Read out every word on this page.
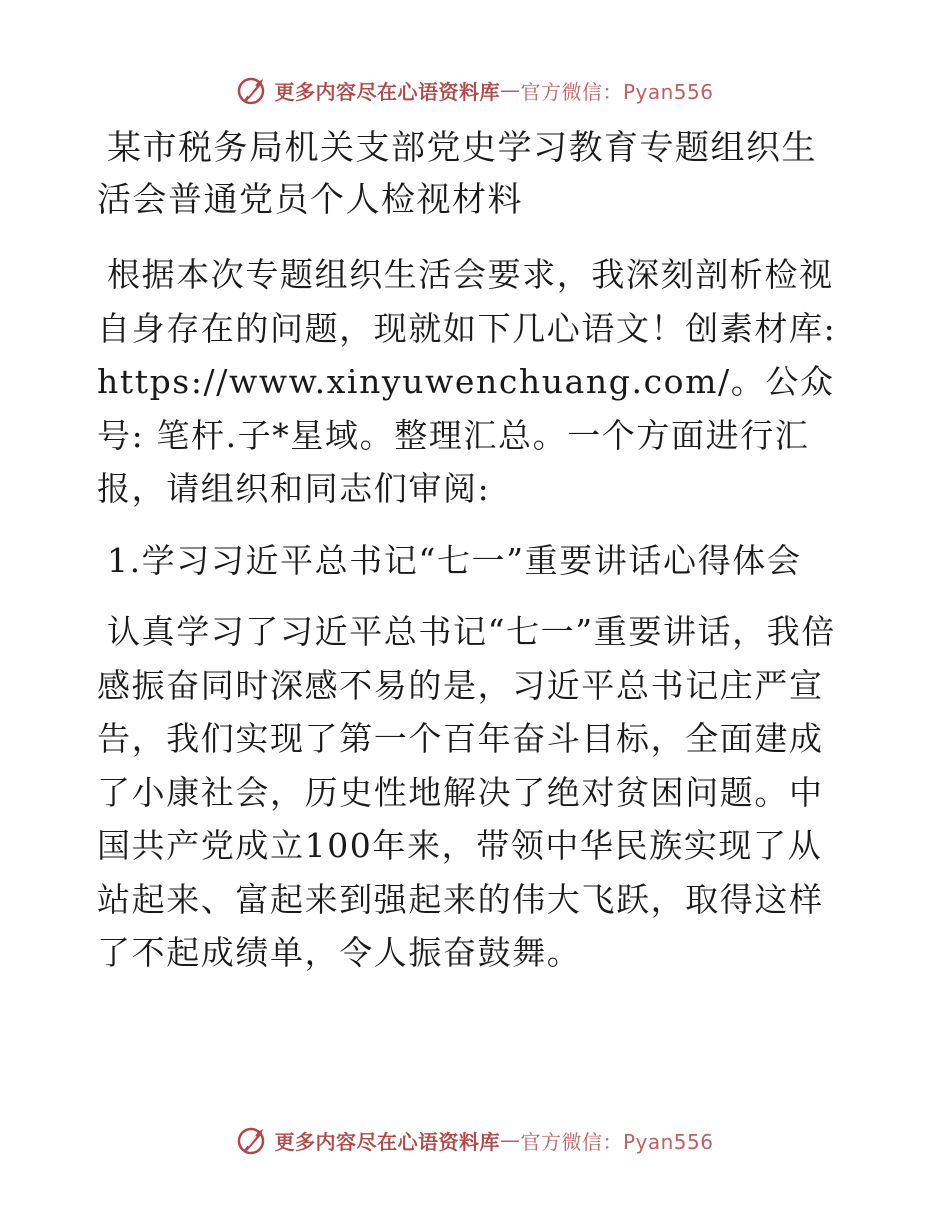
更多内容尽在心语资料库 — 官方微信：Pyan556

某市税务局机关支部党史学习教育专题组织生活会普通党员个人检视材料

根据本次专题组织生活会要求，我深刻剖析检视自身存在的问题，现就如下几心语文！创素材库: https://www.xinyuwenchuang.com/。公众号: 笔杆.子*星域。整理汇总。一个方面进行汇报，请组织和同志们审阅:

1.学习习近平总书记“七一”重要讲话心得体会

认真学习了习近平总书记“七一”重要讲话，我倍感振奋同时深感不易的是，习近平总书记庄严宣告，我们实现了第一个百年奋斗目标，全面建成了小康社会，历史性地解决了绝对贫困问题。中国共产党成立100年来，带领中华民族实现了从站起来、富起来到强起来的伟大飞跃，取得这样了不起成绩单，令人振奋鼓舞。

更多内容尽在心语资料库 — 官方微信：Pyan556
